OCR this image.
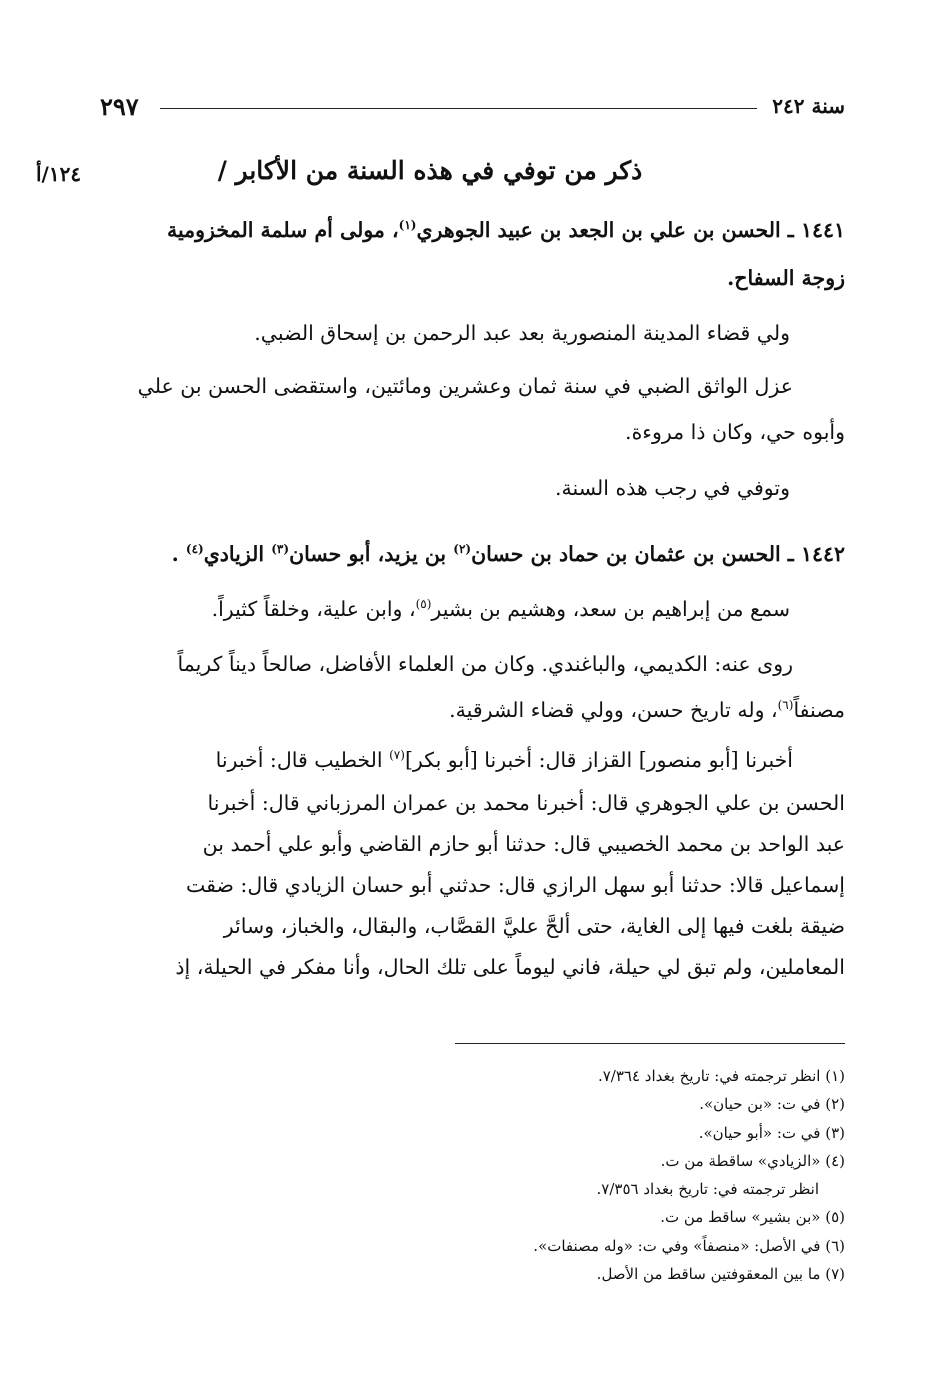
٢٩٧	سنة ٢٤٢
١٢٤/أ	ذكر من توفي في هذه السنة من الأكابر /
١٤٤١ ـ الحسن بن علي بن الجعد بن عبيد الجوهري$^{(١)}$، مولى أم سلمة المخزومية
زوجة السفاح.
ولي قضاء المدينة المنصورية بعد عبد الرحمن بن إسحاق الضبي.
عزل الواثق الضبي في سنة ثمان وعشرين ومائتين، واستقضى الحسن بن علي
وأبوه حي، وكان ذا مروءة.
وتوفي في رجب هذه السنة.
١٤٤٢ ـ الحسن بن عثمان بن حماد بن حسان$^{(٢)}$ بن يزيد، أبو حسان$^{(٣)}$ الزيادي$^{(٤)}$ .
سمع من إبراهيم بن سعد، وهشيم بن بشير$^{(٥)}$، وابن علية، وخلقاً كثيراً.
روى عنه: الكديمي، والباغندي. وكان من العلماء الأفاضل، صالحاً ديناً كريماً
مصنفاً$^{(٦)}$، وله تاريخ حسن، وولي قضاء الشرقية.
أخبرنا [أبو منصور] القزاز قال: أخبرنا [أبو بكر]$^{(٧)}$ الخطيب قال: أخبرنا
الحسن بن علي الجوهري قال: أخبرنا محمد بن عمران المرزباني قال: أخبرنا
عبد الواحد بن محمد الخصيبي قال: حدثنا أبو حازم القاضي وأبو علي أحمد بن
إسماعيل قالا: حدثنا أبو سهل الرازي قال: حدثني أبو حسان الزيادي قال: ضقت
ضيقة بلغت فيها إلى الغاية، حتى ألحَّ عليَّ القصَّاب، والبقال، والخباز، وسائر
المعاملين، ولم تبق لي حيلة، فاني ليوماً على تلك الحال، وأنا مفكر في الحيلة، إذ
(١) انظر ترجمته في: تاريخ بغداد ٧/٣٦٤.
(٢) في ت: «بن حيان».
(٣) في ت: «أبو حيان».
(٤) «الزيادي» ساقطة من ت.
انظر ترجمته في: تاريخ بغداد ٧/٣٥٦.
(٥) «بن بشير» ساقط من ت.
(٦) في الأصل: «منصفاً» وفي ت: «وله مصنفات».
(٧) ما بين المعقوفتين ساقط من الأصل.
